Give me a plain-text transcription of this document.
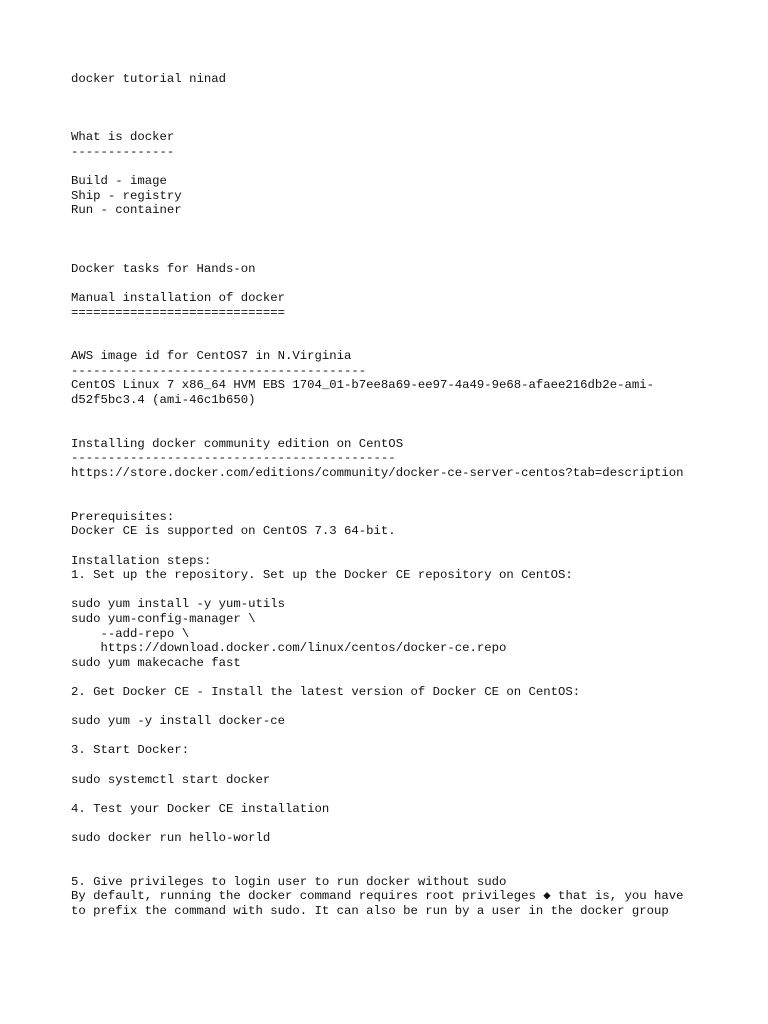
docker tutorial ninad
What is docker
--------------
Build - image
Ship - registry
Run - container
Docker tasks for Hands-on
Manual installation of docker
=============================
AWS image id for CentOS7 in N.Virginia
----------------------------------------
CentOS Linux 7 x86_64 HVM EBS 1704_01-b7ee8a69-ee97-4a49-9e68-afaee216db2e-ami-
d52f5bc3.4 (ami-46c1b650)
Installing docker community edition on CentOS
--------------------------------------------
https://store.docker.com/editions/community/docker-ce-server-centos?tab=description
Prerequisites:
Docker CE is supported on CentOS 7.3 64-bit.
Installation steps:
1. Set up the repository. Set up the Docker CE repository on CentOS:
sudo yum install -y yum-utils
sudo yum-config-manager \
--add-repo \
https://download.docker.com/linux/centos/docker-ce.repo
sudo yum makecache fast
2. Get Docker CE - Install the latest version of Docker CE on CentOS:
sudo yum -y install docker-ce
3. Start Docker:
sudo systemctl start docker
4. Test your Docker CE installation
sudo docker run hello-world
5. Give privileges to login user to run docker without sudo
By default, running the docker command requires root privileges ◆ that is, you have
to prefix the command with sudo. It can also be run by a user in the docker group
